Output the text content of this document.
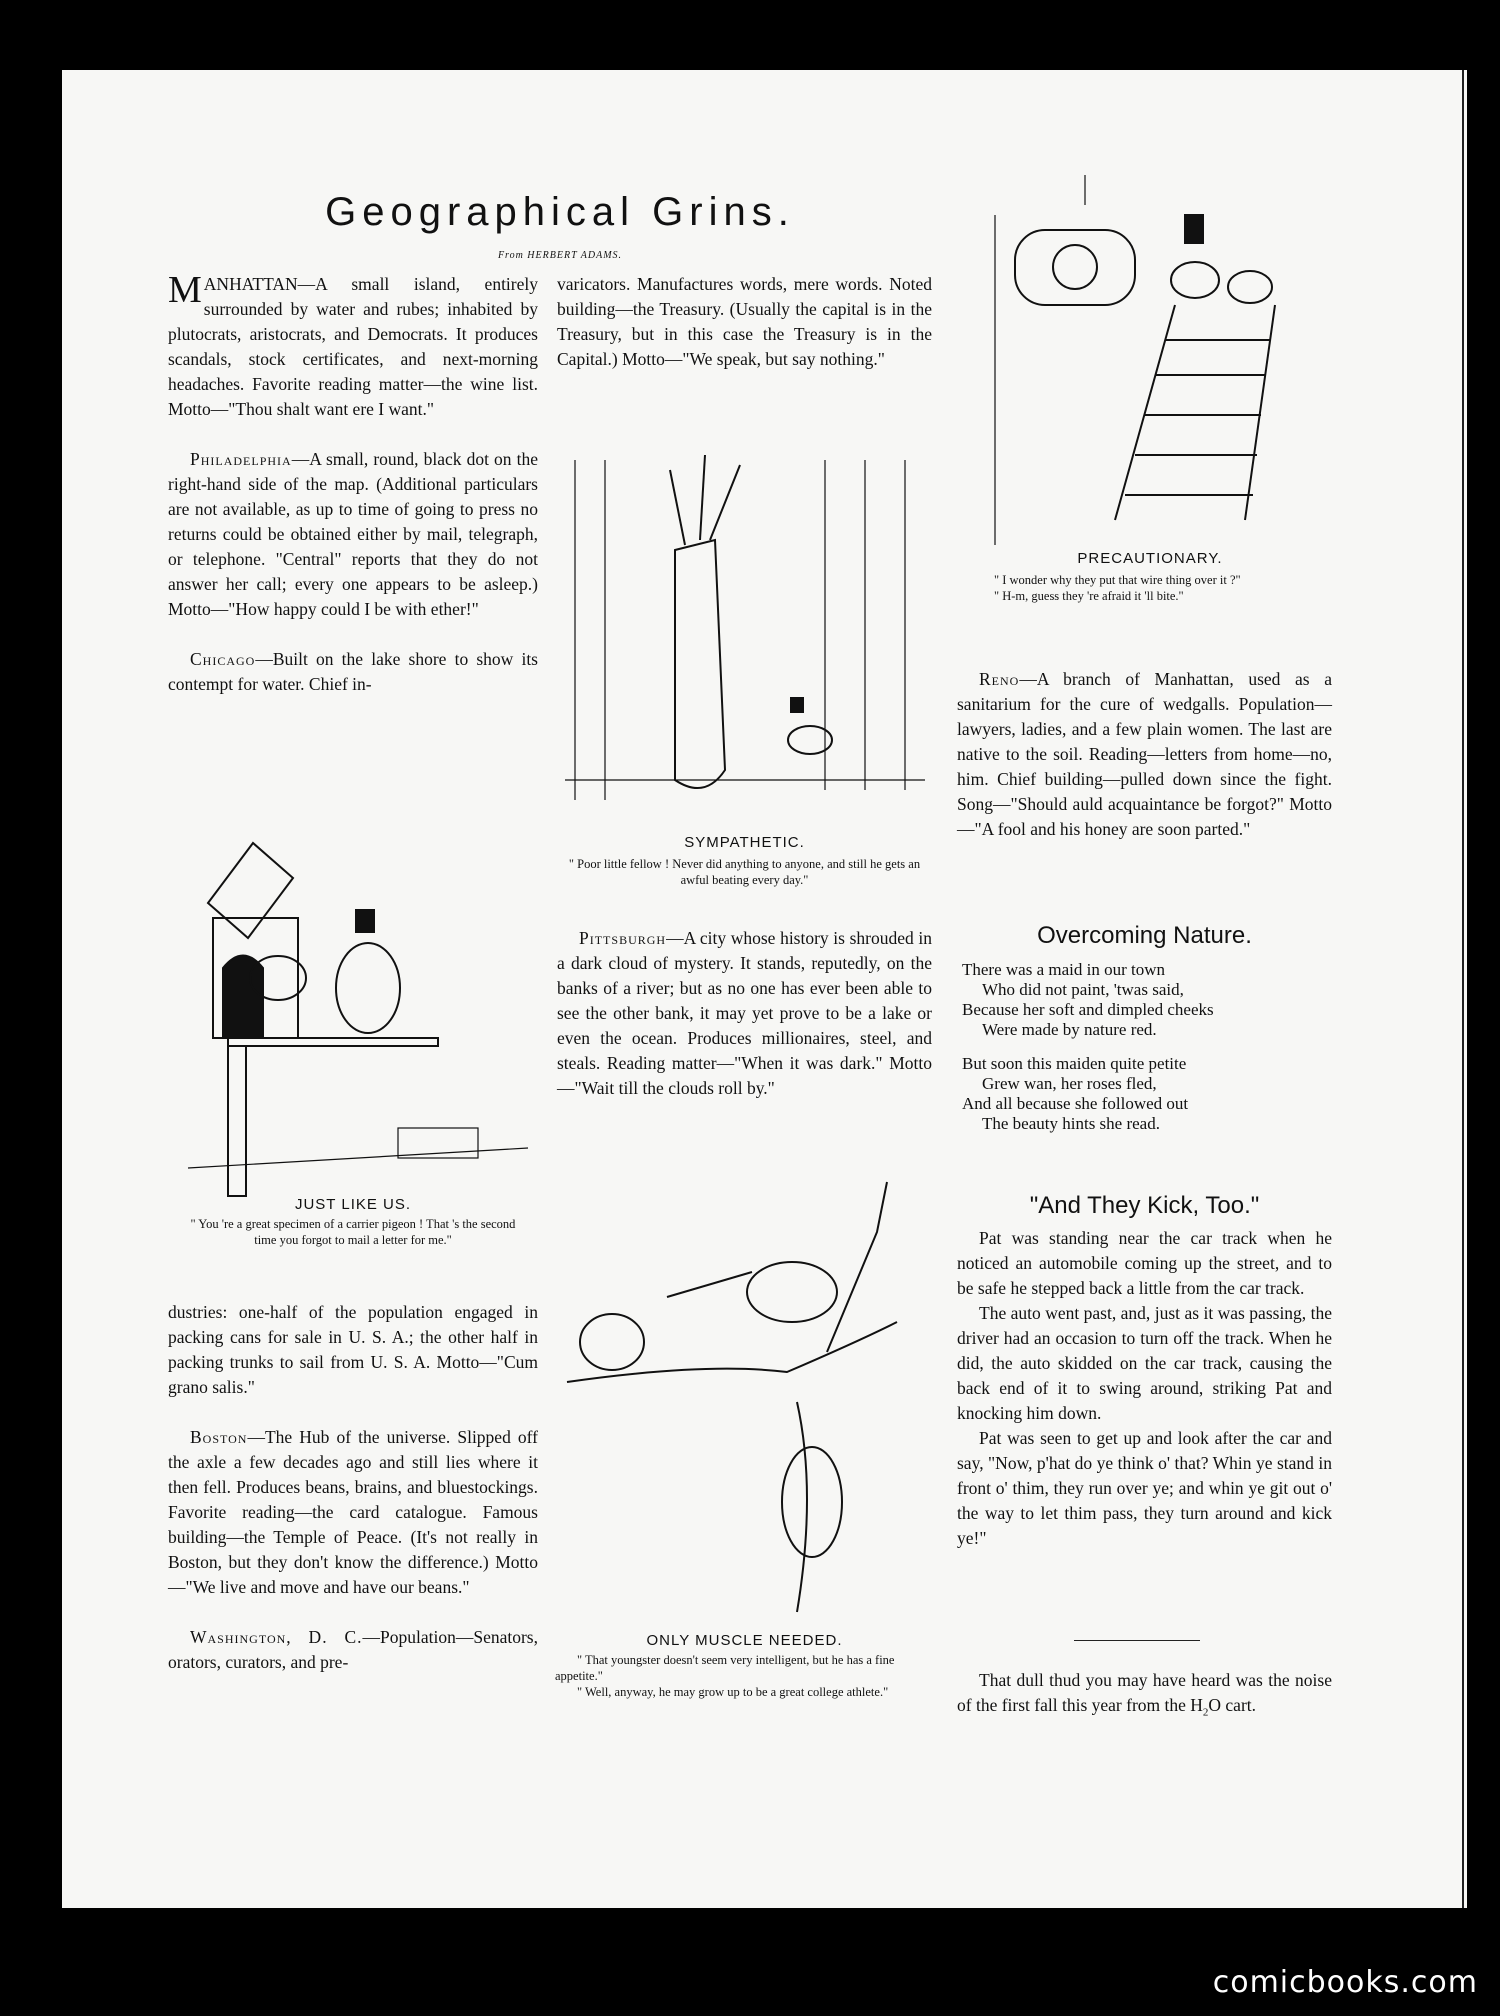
Geographical Grins.
From HERBERT ADAMS.

MANHATTAN—A small island, entirely surrounded by water and rubes; inhabited by plutocrats, aristocrats, and Democrats. It produces scandals, stock certificates, and next-morning headaches. Favorite reading matter—the wine list. Motto—"Thou shalt want ere I want."

Philadelphia—A small, round, black dot on the right-hand side of the map. (Additional particulars are not available, as up to time of going to press no returns could be obtained either by mail, telegraph, or telephone. "Central" reports that they do not answer her call; every one appears to be asleep.) Motto—"How happy could I be with ether!"

Chicago—Built on the lake shore to show its contempt for water. Chief in-

JUST LIKE US.
" You 're a great specimen of a carrier pigeon ! That 's the second time you forgot to mail a letter for me."

dustries: one-half of the population engaged in packing cans for sale in U. S. A.; the other half in packing trunks to sail from U. S. A. Motto—"Cum grano salis."

Boston—The Hub of the universe. Slipped off the axle a few decades ago and still lies where it then fell. Produces beans, brains, and bluestockings. Favorite reading—the card catalogue. Famous building—the Temple of Peace. (It's not really in Boston, but they don't know the difference.) Motto—"We live and move and have our beans."

Washington, D. C.—Population—Senators, orators, curators, and pre-

varicators. Manufactures words, mere words. Noted building—the Treasury. (Usually the capital is in the Treasury, but in this case the Treasury is in the Capital.) Motto—"We speak, but say nothing."

SYMPATHETIC.
" Poor little fellow ! Never did anything to anyone, and still he gets an awful beating every day."

Pittsburgh—A city whose history is shrouded in a dark cloud of mystery. It stands, reputedly, on the banks of a river; but as no one has ever been able to see the other bank, it may yet prove to be a lake or even the ocean. Produces millionaires, steel, and steals. Reading matter—"When it was dark." Motto—"Wait till the clouds roll by."

ONLY MUSCLE NEEDED.
" That youngster doesn't seem very intelligent, but he has a fine appetite."
" Well, anyway, he may grow up to be a great college athlete."
PRECAUTIONARY.
" I wonder why they put that wire thing over it ?"
" H-m, guess they 're afraid it 'll bite."

Reno—A branch of Manhattan, used as a sanitarium for the cure of wedgalls. Population—lawyers, ladies, and a few plain women. The last are native to the soil. Reading—letters from home—no, him. Chief building—pulled down since the fight. Song—"Should auld acquaintance be forgot?" Motto—"A fool and his honey are soon parted."

Overcoming Nature.
There was a maid in our town
Who did not paint, 'twas said,
Because her soft and dimpled cheeks
Were made by nature red.
But soon this maiden quite petite
Grew wan, her roses fled,
And all because she followed out
The beauty hints she read.
"And They Kick, Too."

Pat was standing near the car track when he noticed an automobile coming up the street, and to be safe he stepped back a little from the car track.

The auto went past, and, just as it was passing, the driver had an occasion to turn off the track. When he did, the auto skidded on the car track, causing the back end of it to swing around, striking Pat and knocking him down.

Pat was seen to get up and look after the car and say, "Now, p'hat do ye think o' that? Whin ye stand in front o' thim, they run over ye; and whin ye git out o' the way to let thim pass, they turn around and kick ye!"

That dull thud you may have heard was the noise of the first fall this year from the $H_2O$ cart.

comicbooks.com
